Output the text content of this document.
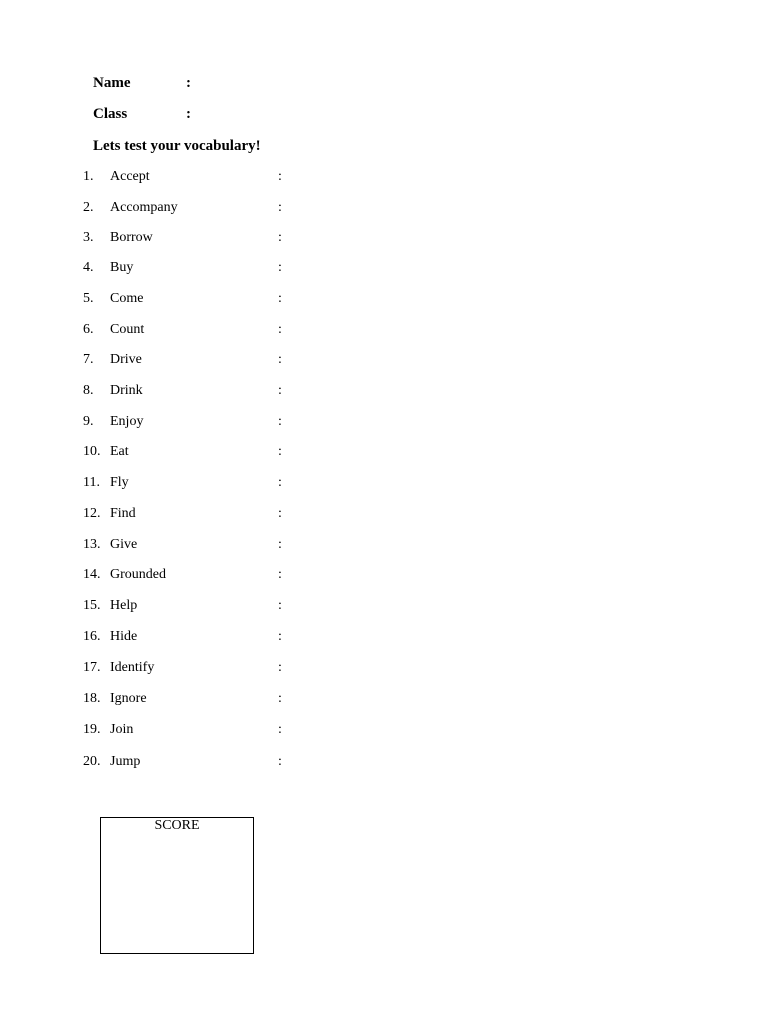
Name	:
Class	:
Lets test your vocabulary!
1. Accept	:
2. Accompany	:
3. Borrow	:
4. Buy	:
5. Come	:
6. Count	:
7. Drive	:
8. Drink	:
9. Enjoy	:
10. Eat	:
11. Fly	:
12. Find	:
13. Give	:
14. Grounded	:
15. Help	:
16. Hide	:
17. Identify	:
18. Ignore	:
19. Join	:
20. Jump	:
SCORE
